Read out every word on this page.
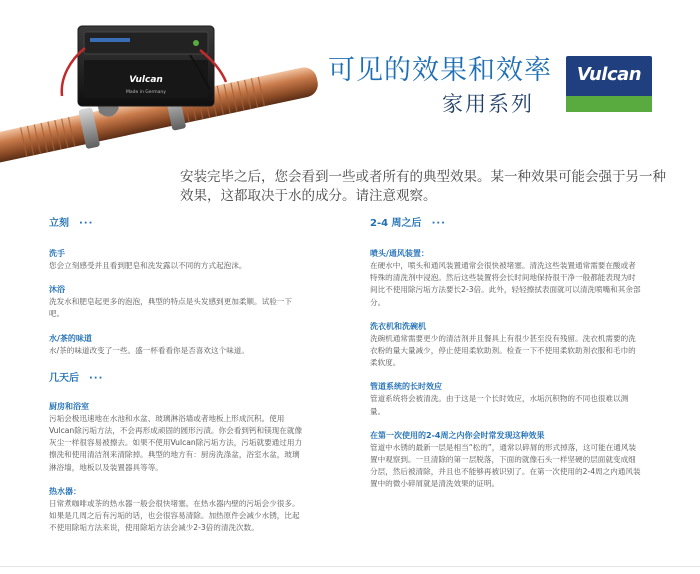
Vulcan
Made in Germany
可见的效果和效率
家用系列
Vulcan
安装完毕之后，您会看到一些或者所有的典型效果。某一种效果可能会强于另一种效果，这都取决于水的成分。请注意观察。
立刻 ···
洗手
您会立刻感受并且看到肥皂和洗发露以不同的方式起泡沫。
沐浴
洗发水和肥皂起更多的泡泡，典型的特点是头发感到更加柔顺。试验一下吧。
水/茶的味道
水/茶的味道改变了一些。盛一杯看看你是否喜欢这个味道。
几天后 ···
厨房和浴室
污垢会极迅速地在水池和水盆、玻璃淋浴墙或者地板上形成沉积。使用Vulcan除污垢方法，不会再形成顽固的圆形污渍。你会看到钙和镁现在就像灰尘一样很容易被擦去。如果不使用Vulcan除污垢方法，污垢就要通过用力擦洗和使用清洁剂来清除掉。典型的地方有：厨房洗涤盆，浴室水盆，玻璃淋浴墙，地板以及装置器具等等。
热水器：
日常煮咖啡或茶的热水器一般会很快堵塞。在热水器内壁的污垢会少很多。如果是几周之后有污垢的话，也会很容易清除。加热原件会减少水锈，比起不使用除垢方法来说，使用除垢方法会减少2-3倍的清洗次数。
2-4 周之后 ···
喷头/通风装置：
在硬水中，喷头和通风装置通常会很快被堵塞。清洗这些装置通常需要在酸或者特殊的清洗剂中浸泡。然后这些装置将会长时间地保持很干净一般都能表现为时间比不使用除污垢方法要长2-3倍。此外，轻轻擦拭表面就可以清洗喷嘴和其余部分。
洗衣机和洗碗机
洗碗机通常需要更少的清洁剂并且餐具上有很少甚至没有残留。洗衣机需要的洗衣粉的量大量减少，停止使用柔软助剂。检查一下不使用柔软助剂衣服和毛巾的柔软度。
管道系统的长时效应
管道系统将会被清洗。由于这是一个长时效应，水垢沉积物的不同也很难以测量。
在第一次使用的2-4周之内你会时常发现这种效果
管道中水锈的最新一层是相当“松的”，通常以碎屑的形式掉落，这可能在通风装置中观察到。一旦清除的第一层脱落，下面的就像石头一样坚硬的层面就变成细分层，然后被清除，并且也不能够再被识别了。在第一次使用的2-4周之内通风装置中的微小碎屑就是清洗效果的证明。
